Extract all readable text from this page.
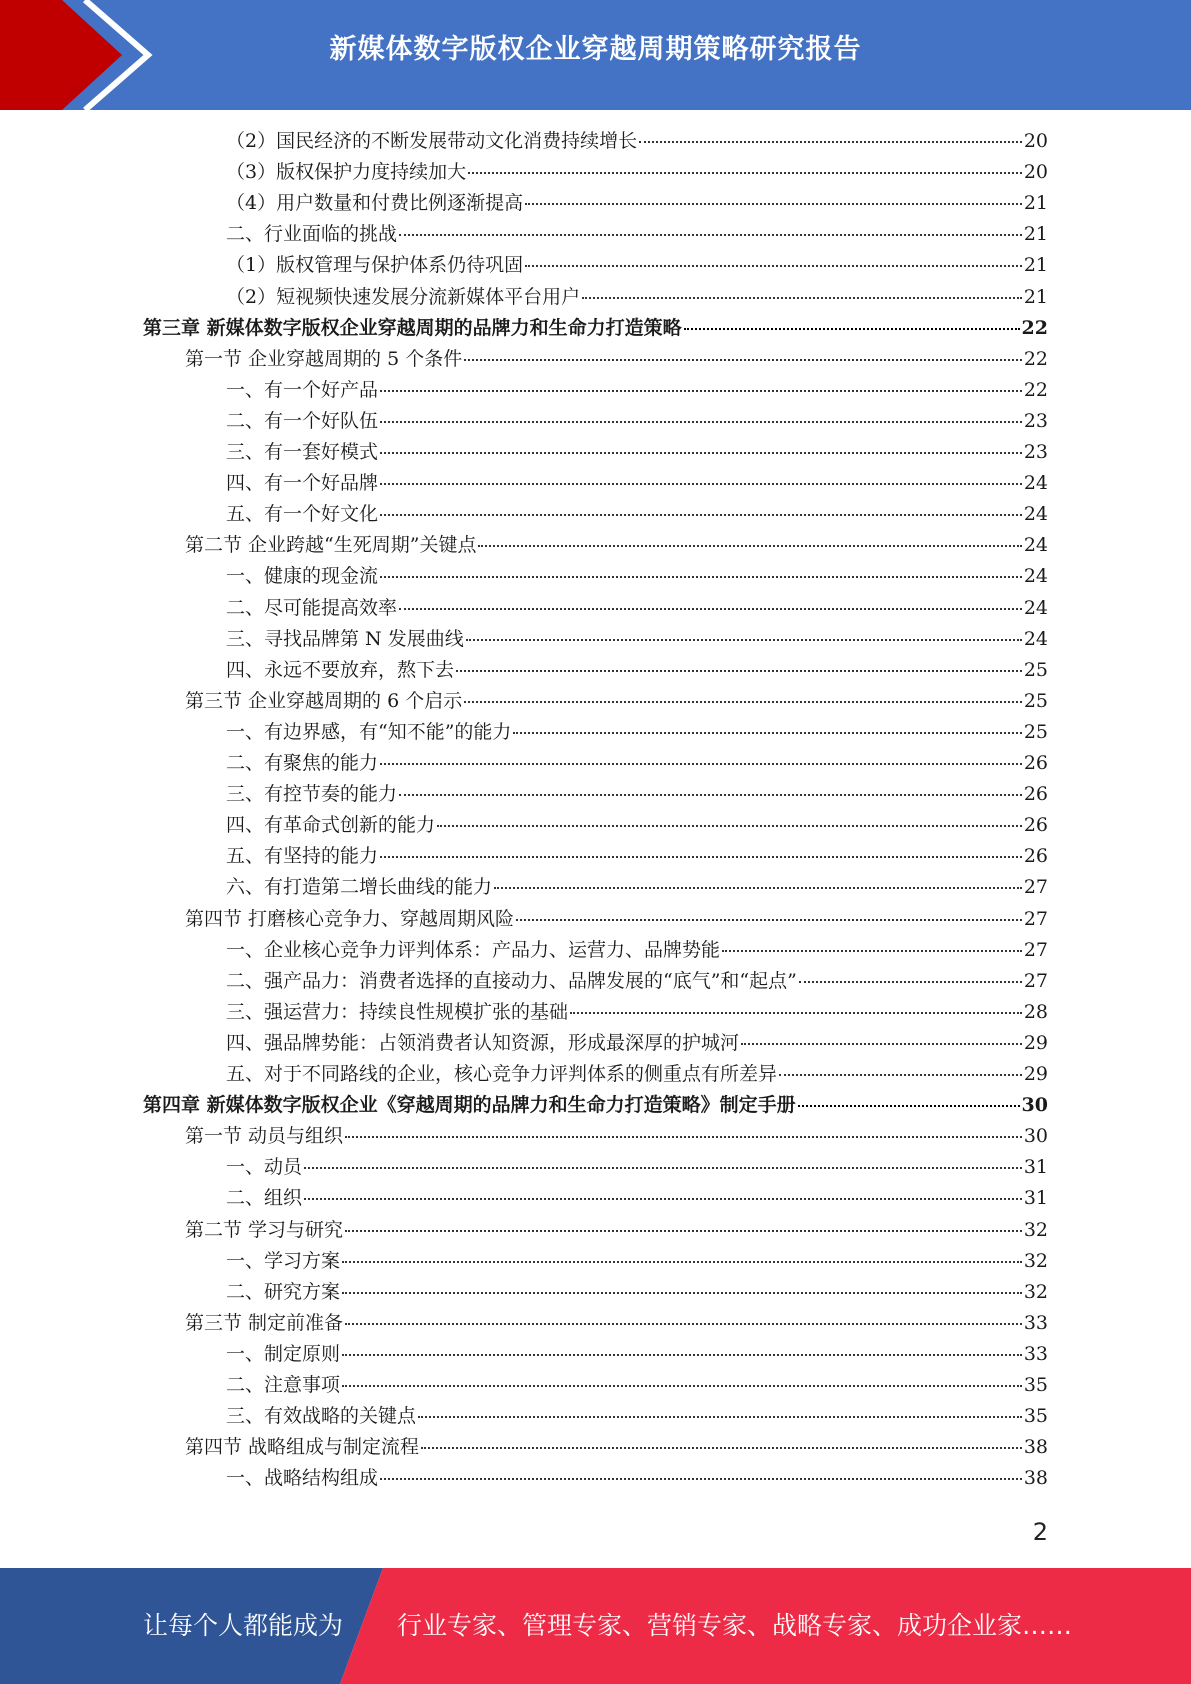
新媒体数字版权企业穿越周期策略研究报告
（2）国民经济的不断发展带动文化消费持续增长	20
（3）版权保护力度持续加大	20
（4）用户数量和付费比例逐渐提高	21
二、行业面临的挑战	21
（1）版权管理与保护体系仍待巩固	21
（2）短视频快速发展分流新媒体平台用户	21
第三章 新媒体数字版权企业穿越周期的品牌力和生命力打造策略	22
第一节 企业穿越周期的 5 个条件	22
一、有一个好产品	22
二、有一个好队伍	23
三、有一套好模式	23
四、有一个好品牌	24
五、有一个好文化	24
第二节 企业跨越“生死周期”关键点	24
一、健康的现金流	24
二、尽可能提高效率	24
三、寻找品牌第 N 发展曲线	24
四、永远不要放弃，熬下去	25
第三节 企业穿越周期的 6 个启示	25
一、有边界感，有“知不能”的能力	25
二、有聚焦的能力	26
三、有控节奏的能力	26
四、有革命式创新的能力	26
五、有坚持的能力	26
六、有打造第二增长曲线的能力	27
第四节 打磨核心竞争力、穿越周期风险	27
一、企业核心竞争力评判体系：产品力、运营力、品牌势能	27
二、强产品力：消费者选择的直接动力、品牌发展的“底气”和“起点”	27
三、强运营力：持续良性规模扩张的基础	28
四、强品牌势能：占领消费者认知资源，形成最深厚的护城河	29
五、对于不同路线的企业，核心竞争力评判体系的侧重点有所差异	29
第四章 新媒体数字版权企业《穿越周期的品牌力和生命力打造策略》制定手册	30
第一节 动员与组织	30
一、动员	31
二、组织	31
第二节 学习与研究	32
一、学习方案	32
二、研究方案	32
第三节 制定前准备	33
一、制定原则	33
二、注意事项	35
三、有效战略的关键点	35
第四节 战略组成与制定流程	38
一、战略结构组成	38
2
让每个人都能成为 行业专家、管理专家、营销专家、战略专家、成功企业家……
